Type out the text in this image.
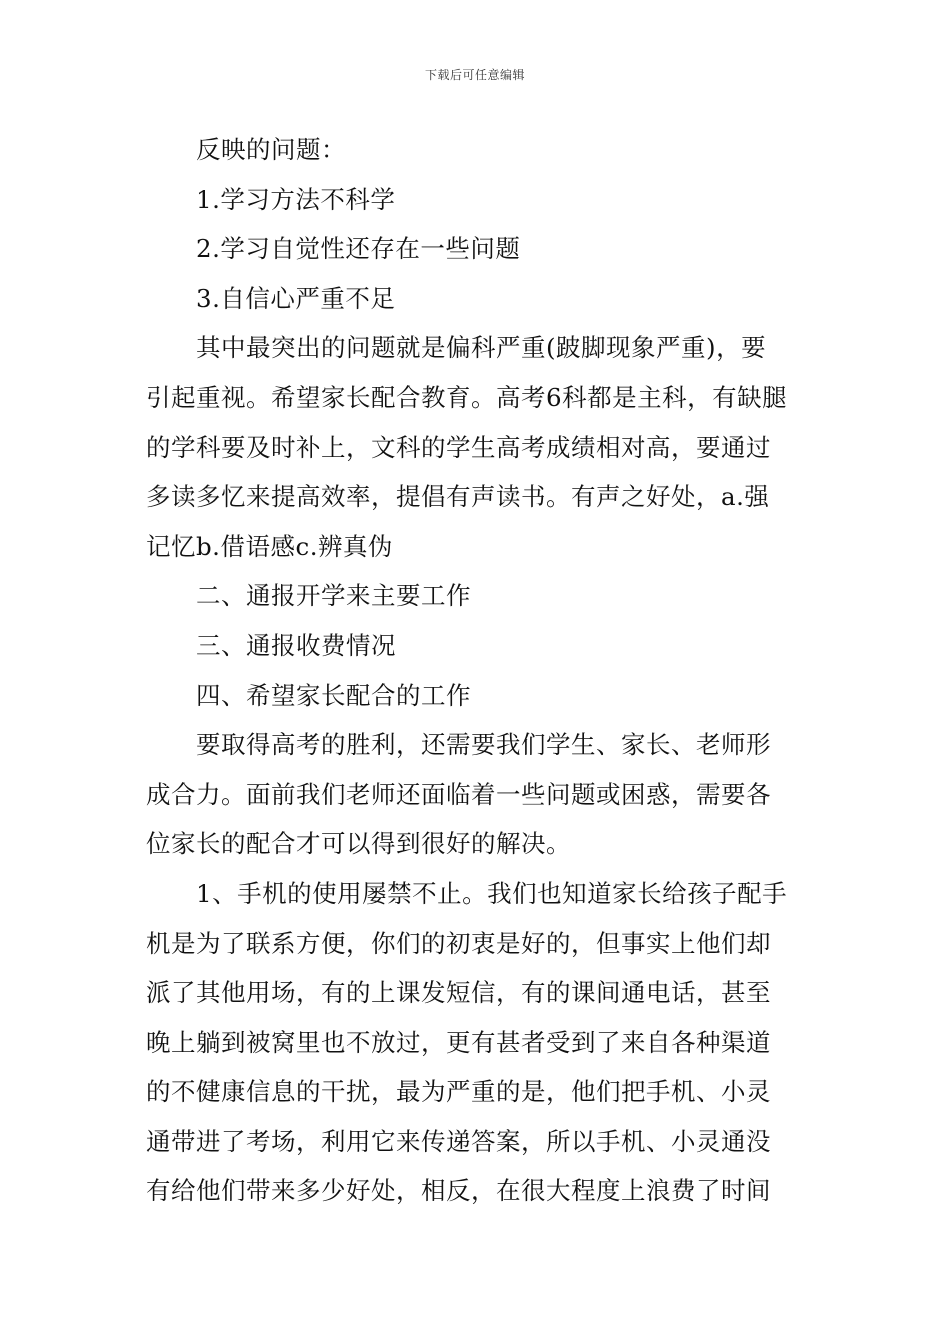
下载后可任意编辑
反映的问题：
1.学习方法不科学
2.学习自觉性还存在一些问题
3.自信心严重不足
其中最突出的问题就是偏科严重(跛脚现象严重)，要
引起重视。希望家长配合教育。高考6科都是主科，有缺腿
的学科要及时补上，文科的学生高考成绩相对高，要通过
多读多忆来提高效率，提倡有声读书。有声之好处，a.强
记忆b.借语感c.辨真伪
二、通报开学来主要工作
三、通报收费情况
四、希望家长配合的工作
要取得高考的胜利，还需要我们学生、家长、老师形
成合力。面前我们老师还面临着一些问题或困惑，需要各
位家长的配合才可以得到很好的解决。
1、手机的使用屡禁不止。我们也知道家长给孩子配手
机是为了联系方便，你们的初衷是好的，但事实上他们却
派了其他用场，有的上课发短信，有的课间通电话，甚至
晚上躺到被窝里也不放过，更有甚者受到了来自各种渠道
的不健康信息的干扰，最为严重的是，他们把手机、小灵
通带进了考场，利用它来传递答案，所以手机、小灵通没
有给他们带来多少好处，相反，在很大程度上浪费了时间
